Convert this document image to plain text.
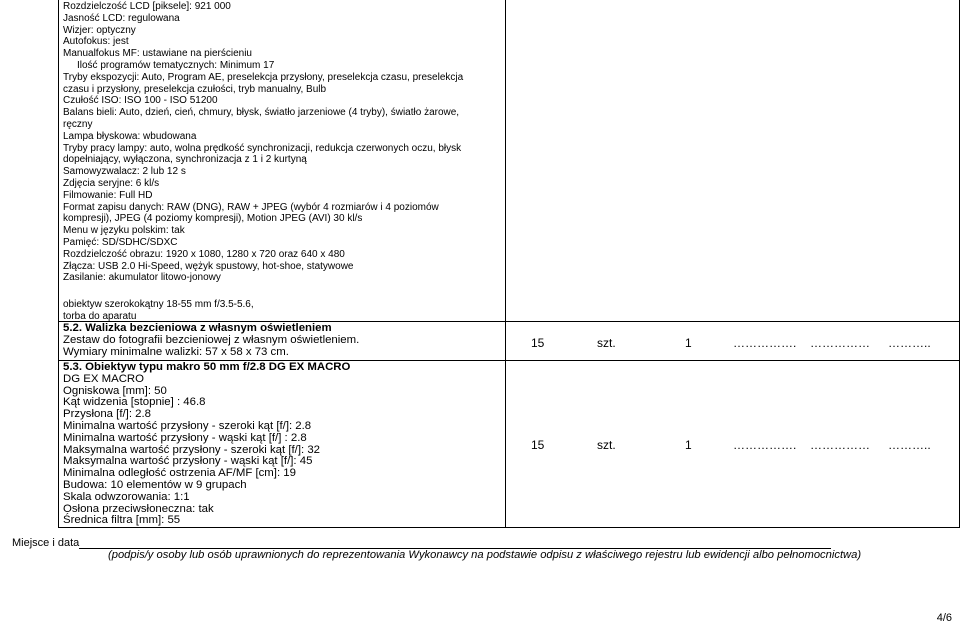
Rozdzielczość LCD [piksele]: 921 000
Jasność LCD: regulowana
Wizjer: optyczny
Autofokus: jest
Manualfokus MF: ustawiane na pierścieniu
Ilość programów tematycznych: Minimum 17
Tryby ekspozycji: Auto, Program AE, preselekcja przysłony, preselekcja czasu, preselekcja
czasu i przysłony, preselekcja czułości, tryb manualny, Bulb
Czułość ISO: ISO 100 - ISO 51200
Balans bieli: Auto, dzień, cień, chmury, błysk, światło jarzeniowe (4 tryby), światło żarowe,
ręczny
Lampa błyskowa: wbudowana
Tryby pracy lampy: auto, wolna prędkość synchronizacji, redukcja czerwonych oczu, błysk
dopełniający, wyłączona, synchronizacja z 1 i 2 kurtyną
Samowyzwalacz: 2 lub 12 s
Zdjęcia seryjne: 6 kl/s
Filmowanie: Full HD
Format zapisu danych: RAW (DNG), RAW + JPEG (wybór 4 rozmiarów i 4 poziomów
kompresji), JPEG (4 poziomy kompresji), Motion JPEG (AVI) 30 kl/s
Menu w języku polskim: tak
Pamięć: SD/SDHC/SDXC
Rozdzielczość obrazu: 1920 x 1080, 1280 x 720 oraz 640 x 480
Złącza: USB 2.0 Hi-Speed, wężyk spustowy, hot-shoe, statywowe
Zasilanie: akumulator litowo-jonowy
obiektyw szerokokątny 18-55 mm f/3.5-5.6,
torba do aparatu
5.2. Walizka bezcieniowa z własnym oświetleniem
Zestaw do fotografii bezcieniowej z własnym oświetleniem.
Wymiary minimalne walizki: 57 x 58 x 73 cm.
15	szt.	1	……………. …………… ………..
5.3. Obiektyw typu makro 50 mm f/2.8 DG EX MACRO
DG EX MACRO
Ogniskowa [mm]: 50
Kąt widzenia [stopnie] : 46.8
Przysłona [f/]: 2.8
Minimalna wartość przysłony - szeroki kąt [f/]: 2.8
Minimalna wartość przysłony - wąski kąt [f/] : 2.8
Maksymalna wartość przysłony - szeroki kąt [f/]: 32
Maksymalna wartość przysłony - wąski kąt [f/]: 45
Minimalna odległość ostrzenia AF/MF [cm]: 19
Budowa: 10 elementów w 9 grupach
Skala odwzorowania: 1:1
Osłona przeciwsłoneczna: tak
Średnica filtra [mm]: 55
15	szt.	1	……………. …………… ………..
Miejsce i data
(podpis/y osoby lub osób uprawnionych do reprezentowania Wykonawcy na podstawie odpisu z właściwego rejestru lub ewidencji albo pełnomocnictwa)
4/6
